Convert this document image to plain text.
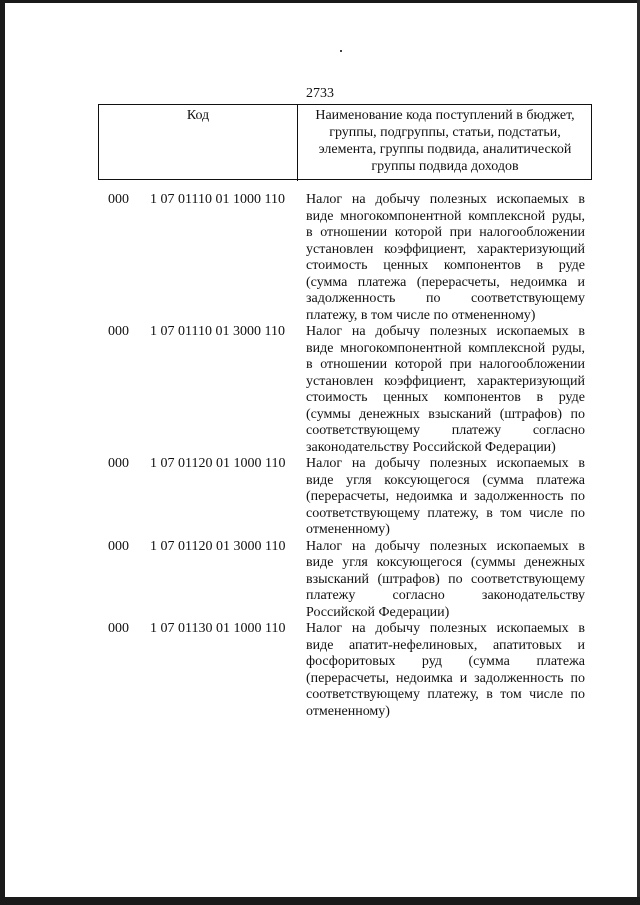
2733
Код	Наименование кода поступлений в бюджет, группы, подгруппы, статьи, подстатьи, элемента, группы подвида, аналитической группы подвида доходов
000 1 07 01110 01 1000 110 Налог на добычу полезных ископаемых в
виде многокомпонентной комплексной руды,
в отношении которой при налогообложении
установлен коэффициент, характеризующий
стоимость ценных компонентов в руде
(сумма платежа (перерасчеты, недоимка и
задолженность по соответствующему
платежу, в том числе по отмененному)
000 1 07 01110 01 3000 110 Налог на добычу полезных ископаемых в
виде многокомпонентной комплексной руды,
в отношении которой при налогообложении
установлен коэффициент, характеризующий
стоимость ценных компонентов в руде
(суммы денежных взысканий (штрафов) по
соответствующему платежу согласно
законодательству Российской Федерации)
000 1 07 01120 01 1000 110 Налог на добычу полезных ископаемых в
виде угля коксующегося (сумма платежа
(перерасчеты, недоимка и задолженность по
соответствующему платежу, в том числе по
отмененному)
000 1 07 01120 01 3000 110 Налог на добычу полезных ископаемых в
виде угля коксующегося (суммы денежных
взысканий (штрафов) по соответствующему
платежу согласно законодательству
Российской Федерации)
000 1 07 01130 01 1000 110 Налог на добычу полезных ископаемых в
виде апатит-нефелиновых, апатитовых и
фосфоритовых руд (сумма платежа
(перерасчеты, недоимка и задолженность по
соответствующему платежу, в том числе по
отмененному)
